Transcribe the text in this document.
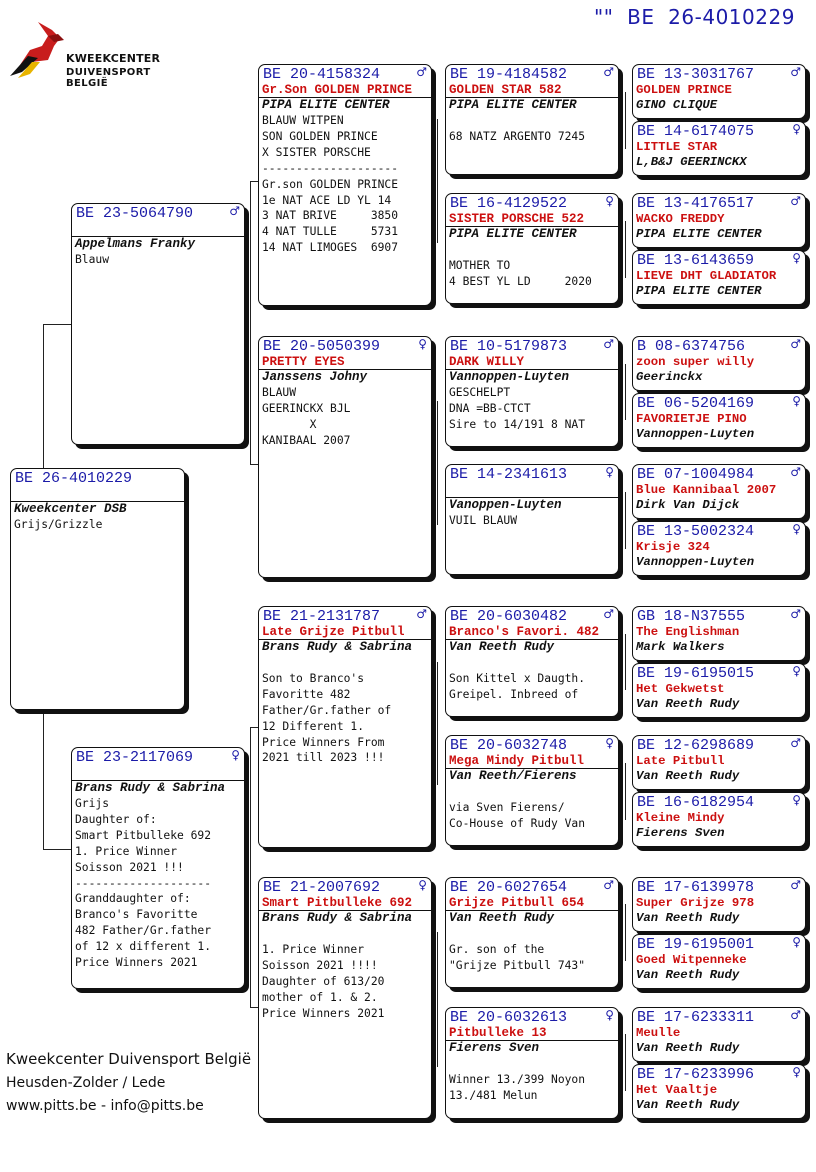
KWEEKCENTER
DUIVENSPORT BELGIË
""  BE  26-4010229
BE 26-4010229
Kweekcenter DSB
Grijs/Grizzle
BE 23-5064790	♂
Appelmans Franky
Blauw
BE 23-2117069	♀
Brans Rudy & Sabrina
Grijs
Daughter of:
Smart Pitbulleke 692
1. Price Winner
Soisson 2021 !!!
--------------------
Granddaughter of:
Branco's Favoritte
482 Father/Gr.father
of 12 x different 1.
Price Winners 2021
BE 20-4158324	♂
Gr.Son GOLDEN PRINCE
PIPA ELITE CENTER
BLAUW WITPEN
SON GOLDEN PRINCE
X SISTER PORSCHE
--------------------
Gr.son GOLDEN PRINCE
1e NAT ACE LD YL 14
3 NAT BRIVE     3850
4 NAT TULLE     5731
14 NAT LIMOGES  6907
BE 20-5050399	♀
PRETTY EYES
Janssens Johny
BLAUW
GEERINCKX BJL
X
KANIBAAL 2007
BE 21-2131787	♂
Late Grijze Pitbull
Brans Rudy & Sabrina

Son to Branco's
Favoritte 482
Father/Gr.father of
12 Different 1.
Price Winners From
2021 till 2023 !!!
BE 21-2007692	♀
Smart Pitbulleke 692
Brans Rudy & Sabrina

1. Price Winner
Soisson 2021 !!!!
Daughter of 613/20
mother of 1. & 2.
Price Winners 2021
BE 19-4184582	♂
GOLDEN STAR 582
PIPA ELITE CENTER

68 NATZ ARGENTO 7245
BE 16-4129522	♀
SISTER PORSCHE 522
PIPA ELITE CENTER

MOTHER TO
4 BEST YL LD     2020
BE 10-5179873	♂
DARK WILLY
Vannoppen-Luyten
GESCHELPT
DNA =BB-CTCT
Sire to 14/191 8 NAT
BE 14-2341613	♀
Vanoppen-Luyten
VUIL BLAUW
BE 20-6030482	♂
Branco's Favori. 482
Van Reeth Rudy

Son Kittel x Daugth.
Greipel. Inbreed of
BE 20-6032748	♀
Mega Mindy Pitbull
Van Reeth/Fierens

via Sven Fierens/
Co-House of Rudy Van
BE 20-6027654	♂
Grijze Pitbull 654
Van Reeth Rudy

Gr. son of the
"Grijze Pitbull 743"
BE 20-6032613	♀
Pitbulleke 13
Fierens Sven

Winner 13./399 Noyon
13./481 Melun
BE 13-3031767	♂
GOLDEN PRINCE
GINO CLIQUE
BE 14-6174075	♀
LITTLE STAR
L,B&J GEERINCKX
BE 13-4176517	♂
WACKO FREDDY
PIPA ELITE CENTER
BE 13-6143659	♀
LIEVE DHT GLADIATOR
PIPA ELITE CENTER
B 08-6374756	♂
zoon super willy
Geerinckx
BE 06-5204169	♀
FAVORIETJE PINO
Vannoppen-Luyten
BE 07-1004984	♂
Blue Kannibaal 2007
Dirk Van Dijck
BE 13-5002324	♀
Krisje 324
Vannoppen-Luyten
GB 18-N37555	♂
The Englishman
Mark Walkers
BE 19-6195015	♀
Het Gekwetst
Van Reeth Rudy
BE 12-6298689	♂
Late Pitbull
Van Reeth Rudy
BE 16-6182954	♀
Kleine Mindy
Fierens Sven
BE 17-6139978	♂
Super Grijze 978
Van Reeth Rudy
BE 19-6195001	♀
Goed Witpenneke
Van Reeth Rudy
BE 17-6233311	♂
Meulle
Van Reeth Rudy
BE 17-6233996	♀
Het Vaaltje
Van Reeth Rudy
Kweekcenter Duivensport België
Heusden-Zolder / Lede
www.pitts.be - info@pitts.be
